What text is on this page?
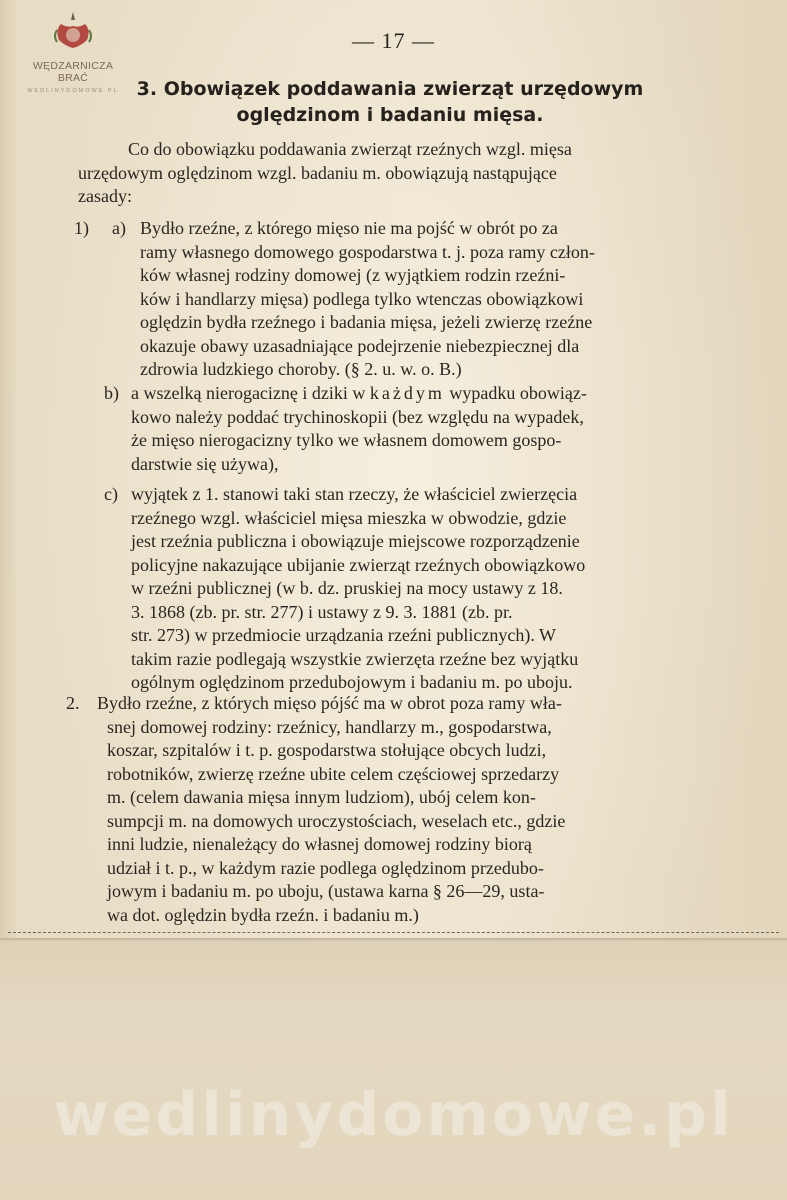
WĘDZARNICZA BRAĆ
WEDLINYDOMOWE.PL
— 17 —
3. Obowiązek poddawania zwierząt urzędowym
oględzinom i badaniu mięsa.
Co do obowiązku poddawania zwierząt rzeźnych wzgl. mięsa
urzędowym oględzinom wzgl. badaniu m. obowiązują nastąpujące
zasady:
1) a) Bydło rzeźne, z którego mięso nie ma pojść w obrót po za
ramy własnego domowego gospodarstwa t. j. poza ramy człon-
ków własnej rodziny domowej (z wyjątkiem rodzin rzeźni-
ków i handlarzy mięsa) podlega tylko wtenczas obowiązkowi
oględzin bydła rzeźnego i badania mięsa, jeżeli zwierzę rzeźne
okazuje obawy uzasadniające podejrzenie niebezpiecznej dla
zdrowia ludzkiego choroby. (§ 2. u. w. o. B.)
b) a wszelką nierogaciznę i dziki w każdym wypadku obowiąz-
kowo należy poddać trychinoskopii (bez względu na wypadek,
że mięso nierogacizny tylko we własnem domowem gospo-
darstwie się używa),
c) wyjątek z 1. stanowi taki stan rzeczy, że właściciel zwierzęcia
rzeźnego wzgl. właściciel mięsa mieszka w obwodzie, gdzie
jest rzeźnia publiczna i obowiązuje miejscowe rozporządzenie
policyjne nakazujące ubijanie zwierząt rzeźnych obowiązkowo
w rzeźni publicznej (w b. dz. pruskiej na mocy ustawy z 18.
3. 1868 (zb. pr. str. 277) i ustawy z 9. 3. 1881 (zb. pr.
str. 273) w przedmiocie urządzania rzeźni publicznych). W
takim razie podlegają wszystkie zwierzęta rzeźne bez wyjątku
ogólnym oględzinom przedubojowym i badaniu m. po uboju.
2. Bydło rzeźne, z których mięso pójść ma w obrot poza ramy wła-
snej domowej rodziny: rzeźnicy, handlarzy m., gospodarstwa,
koszar, szpitalów i t. p. gospodarstwa stołujące obcych ludzi,
robotników, zwierzę rzeźne ubite celem częściowej sprzedarzy
m. (celem dawania mięsa innym ludziom), ubój celem kon-
sumpcji m. na domowych uroczystościach, weselach etc., gdzie
inni ludzie, nienależący do własnej domowej rodziny biorą
udział i t. p., w każdym razie podlega oględzinom przedubo-
jowym i badaniu m. po uboju, (ustawa karna § 26—29, usta-
wa dot. oględzin bydła rzeźn. i badaniu m.)
wedlinydomowe.pl
